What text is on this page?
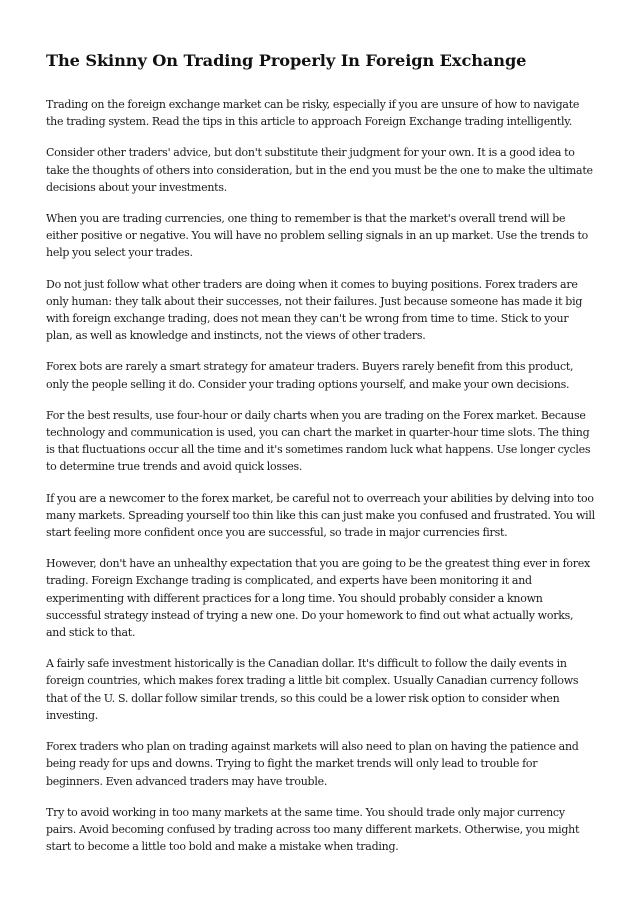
The Skinny On Trading Properly In Foreign Exchange

Trading on the foreign exchange market can be risky, especially if you are unsure of how to navigate the trading system. Read the tips in this article to approach Foreign Exchange trading intelligently.

Consider other traders' advice, but don't substitute their judgment for your own. It is a good idea to take the thoughts of others into consideration, but in the end you must be the one to make the ultimate decisions about your investments.

When you are trading currencies, one thing to remember is that the market's overall trend will be either positive or negative. You will have no problem selling signals in an up market. Use the trends to help you select your trades.

Do not just follow what other traders are doing when it comes to buying positions. Forex traders are only human: they talk about their successes, not their failures. Just because someone has made it big with foreign exchange trading, does not mean they can't be wrong from time to time. Stick to your plan, as well as knowledge and instincts, not the views of other traders.

Forex bots are rarely a smart strategy for amateur traders. Buyers rarely benefit from this product, only the people selling it do. Consider your trading options yourself, and make your own decisions.

For the best results, use four-hour or daily charts when you are trading on the Forex market. Because technology and communication is used, you can chart the market in quarter-hour time slots. The thing is that fluctuations occur all the time and it's sometimes random luck what happens. Use longer cycles to determine true trends and avoid quick losses.

If you are a newcomer to the forex market, be careful not to overreach your abilities by delving into too many markets. Spreading yourself too thin like this can just make you confused and frustrated. You will start feeling more confident once you are successful, so trade in major currencies first.

However, don't have an unhealthy expectation that you are going to be the greatest thing ever in forex trading. Foreign Exchange trading is complicated, and experts have been monitoring it and experimenting with different practices for a long time. You should probably consider a known successful strategy instead of trying a new one. Do your homework to find out what actually works, and stick to that.

A fairly safe investment historically is the Canadian dollar. It's difficult to follow the daily events in foreign countries, which makes forex trading a little bit complex. Usually Canadian currency follows that of the U. S. dollar follow similar trends, so this could be a lower risk option to consider when investing.

Forex traders who plan on trading against markets will also need to plan on having the patience and being ready for ups and downs. Trying to fight the market trends will only lead to trouble for beginners. Even advanced traders may have trouble.

Try to avoid working in too many markets at the same time. You should trade only major currency pairs. Avoid becoming confused by trading across too many different markets. Otherwise, you might start to become a little too bold and make a mistake when trading.
